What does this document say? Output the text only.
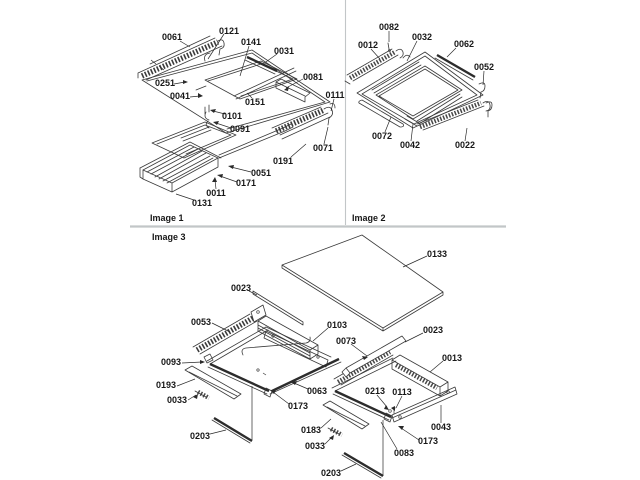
0061
0121
0141
0031
0081
0251
0041
0151
0111
0101
0091
0071
0191
0051
0171
0011
0131
0082
0032
0012	0062
0052
0072
0042	0022
0133
0023
0053	0103	0023
0073
0093	0013
0193
0033
0063	0213 0113
0173
0203
0183
0033
0043
0173
0083
0203
Image 1	Image 2
Image 3
